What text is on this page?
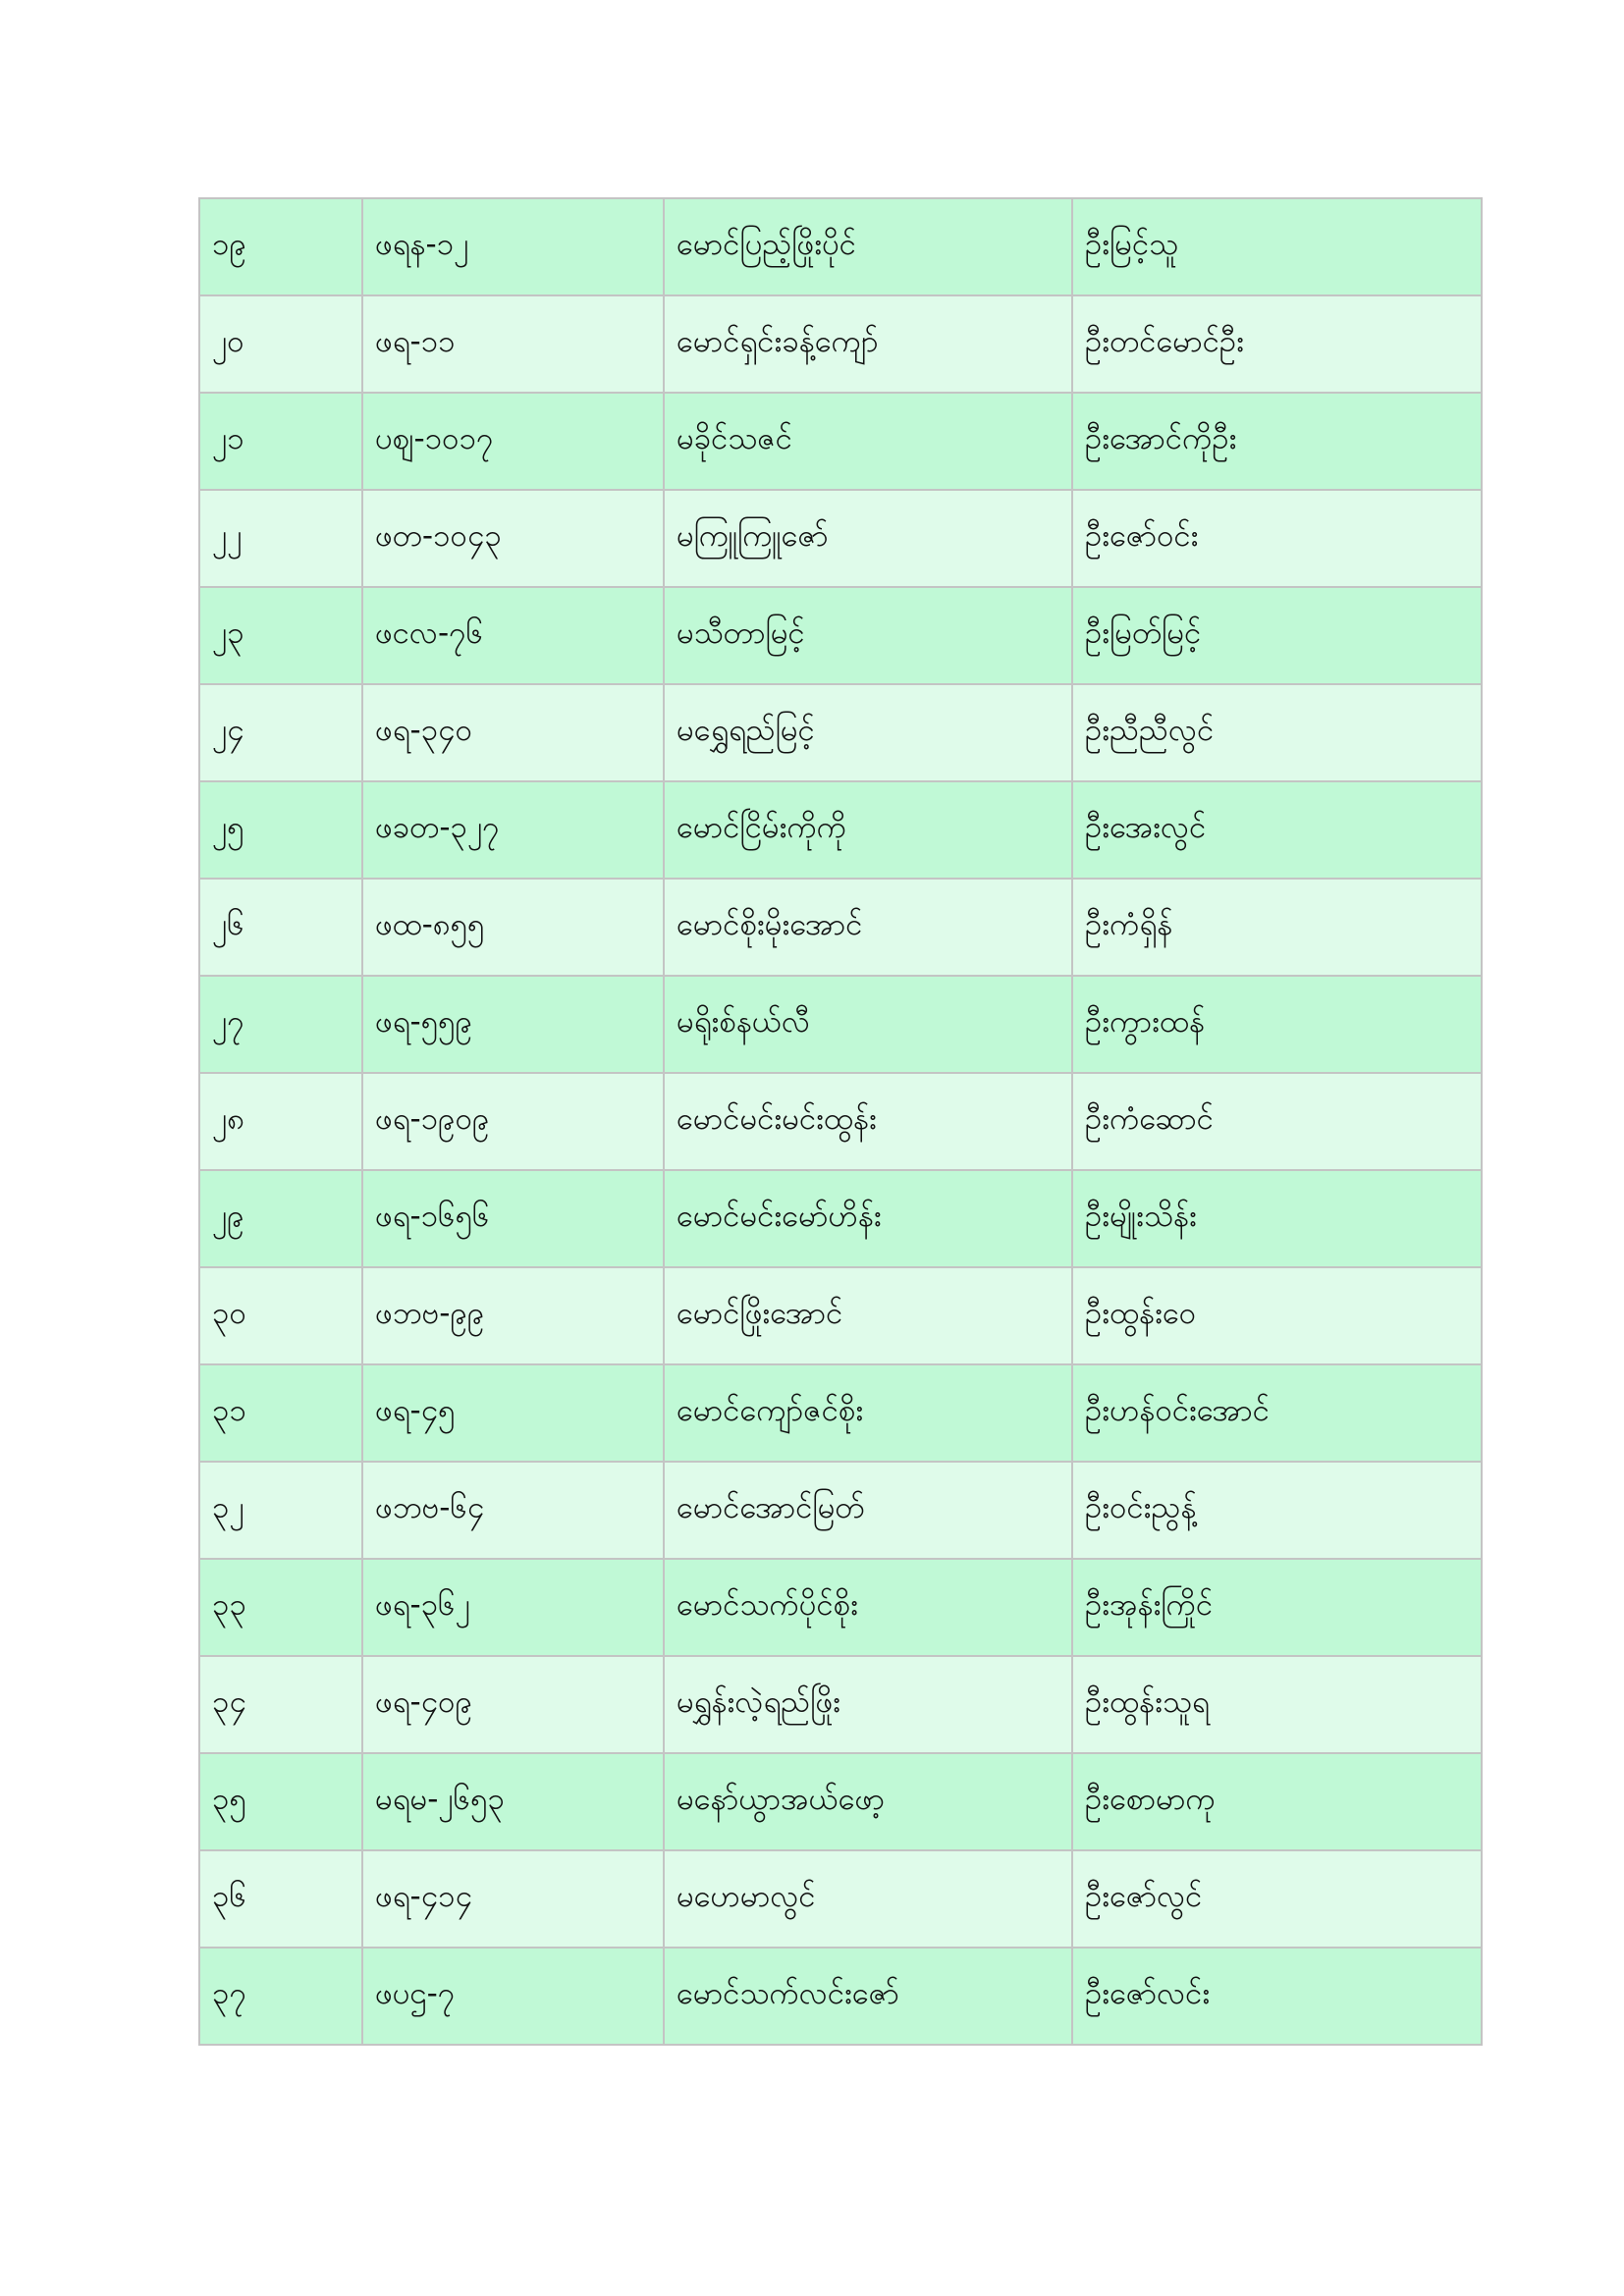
၁၉	ဖရန-၁၂	မောင်ပြည့်ဖြိုးပိုင်	ဦးမြင့်သူ
၂၀	ဖရ-၁၁	မောင်ရှင်းခန့်ကျော်	ဦးတင်မောင်ဦး
၂၁	ပဈ-၁၀၁၇	မခိုင်သဇင်	ဦးအောင်ကိုဦး
၂၂	ဖတ-၁၀၄၃	မကြူကြူဇော်	ဦးဇော်ဝင်း
၂၃	ဖငလ-၇၆	မသီတာမြင့်	ဦးမြတ်မြင့်
၂၄	ဖရ-၃၄၀	မရွှေရည်မြင့်	ဦးညီညီလွင်
၂၅	ဖခတ-၃၂၇	မောင်ငြိမ်းကိုကို	ဦးအေးလွင်
၂၆	ဖထ-၈၅၅	မောင်စိုးမိုးအောင်	ဦးကံရှိန်
၂၇	ဖရ-၅၅၉	မရိုးစ်နယ်လီ	ဦးကွားထန်
၂၈	ဖရ-၁၉၀၉	မောင်မင်းမင်းထွန်း	ဦးကံဆောင်
၂၉	ဖရ-၁၆၅၆	မောင်မင်းမော်ဟိန်း	ဦးမျိုးသိန်း
၃၀	ဖဘဗ-၉၉	မောင်ဖြိုးအောင်	ဦးထွန်းဝေ
၃၁	ဖရ-၄၅	မောင်ကျော်ဇင်စိုး	ဦးဟန်ဝင်းအောင်
၃၂	ဖဘဗ-၆၄	မောင်အောင်မြတ်	ဦးဝင်းညွန့်
၃၃	ဖရ-၃၆၂	မောင်သက်ပိုင်စိုး	ဦးအုန်းကြိုင်
၃၄	ဖရ-၄၀၉	မရွှန်းလဲ့ရည်ဖြိုး	ဦးထွန်းသူရ
၃၅	မရမ-၂၆၅၃	မနော်ယွာအယ်ဖော့	ဦးစောမာကု
၃၆	ဖရ-၄၁၄	မဟေမာလွင်	ဦးဇော်လွင်
၃၇	ဖပဌ-၇	မောင်သက်လင်းဇော်	ဦးဇော်လင်း
